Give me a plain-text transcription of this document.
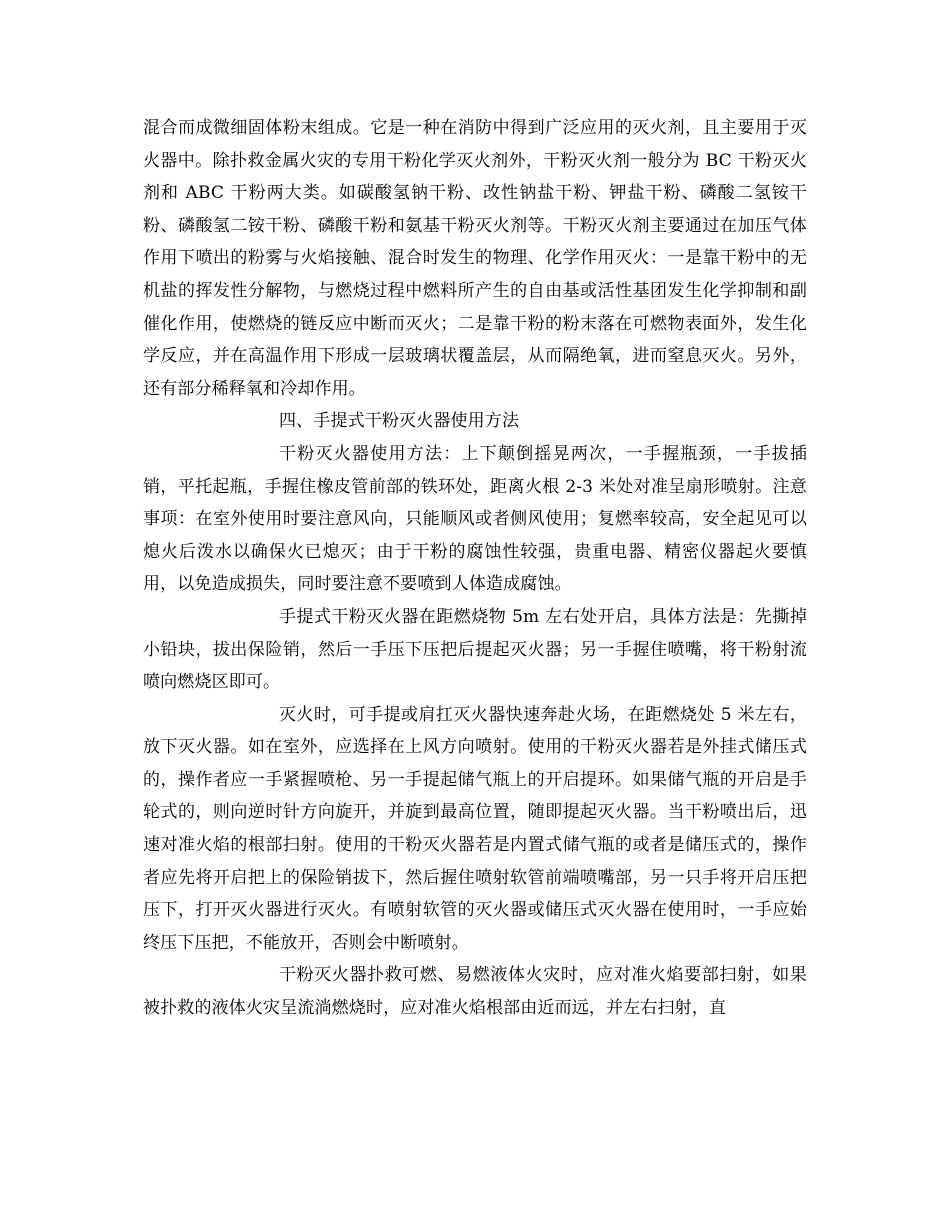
混合而成微细固体粉末组成。它是一种在消防中得到广泛应用的灭火剂，且主要用于灭火器中。除扑救金属火灾的专用干粉化学灭火剂外，干粉灭火剂一般分为 BC 干粉灭火剂和 ABC 干粉两大类。如碳酸氢钠干粉、改性钠盐干粉、钾盐干粉、磷酸二氢铵干粉、磷酸氢二铵干粉、磷酸干粉和氨基干粉灭火剂等。干粉灭火剂主要通过在加压气体作用下喷出的粉雾与火焰接触、混合时发生的物理、化学作用灭火：一是靠干粉中的无机盐的挥发性分解物，与燃烧过程中燃料所产生的自由基或活性基团发生化学抑制和副催化作用，使燃烧的链反应中断而灭火；二是靠干粉的粉末落在可燃物表面外，发生化学反应，并在高温作用下形成一层玻璃状覆盖层，从而隔绝氧，进而窒息灭火。另外，还有部分稀释氧和冷却作用。

四、手提式干粉灭火器使用方法

干粉灭火器使用方法：上下颠倒摇晃两次，一手握瓶颈，一手拔插销，平托起瓶，手握住橡皮管前部的铁环处，距离火根 2-3 米处对准呈扇形喷射。注意事项：在室外使用时要注意风向，只能顺风或者侧风使用；复燃率较高，安全起见可以熄火后泼水以确保火已熄灭；由于干粉的腐蚀性较强，贵重电器、精密仪器起火要慎用，以免造成损失，同时要注意不要喷到人体造成腐蚀。

手提式干粉灭火器在距燃烧物 5m 左右处开启，具体方法是：先撕掉小铅块，拔出保险销，然后一手压下压把后提起灭火器；另一手握住喷嘴，将干粉射流喷向燃烧区即可。

灭火时，可手提或肩扛灭火器快速奔赴火场，在距燃烧处 5 米左右，放下灭火器。如在室外，应选择在上风方向喷射。使用的干粉灭火器若是外挂式储压式的，操作者应一手紧握喷枪、另一手提起储气瓶上的开启提环。如果储气瓶的开启是手轮式的，则向逆时针方向旋开，并旋到最高位置，随即提起灭火器。当干粉喷出后，迅速对准火焰的根部扫射。使用的干粉灭火器若是内置式储气瓶的或者是储压式的，操作者应先将开启把上的保险销拔下，然后握住喷射软管前端喷嘴部，另一只手将开启压把压下，打开灭火器进行灭火。有喷射软管的灭火器或储压式灭火器在使用时，一手应始终压下压把，不能放开，否则会中断喷射。

干粉灭火器扑救可燃、易燃液体火灾时，应对准火焰要部扫射，如果被扑救的液体火灾呈流淌燃烧时，应对准火焰根部由近而远，并左右扫射，直
